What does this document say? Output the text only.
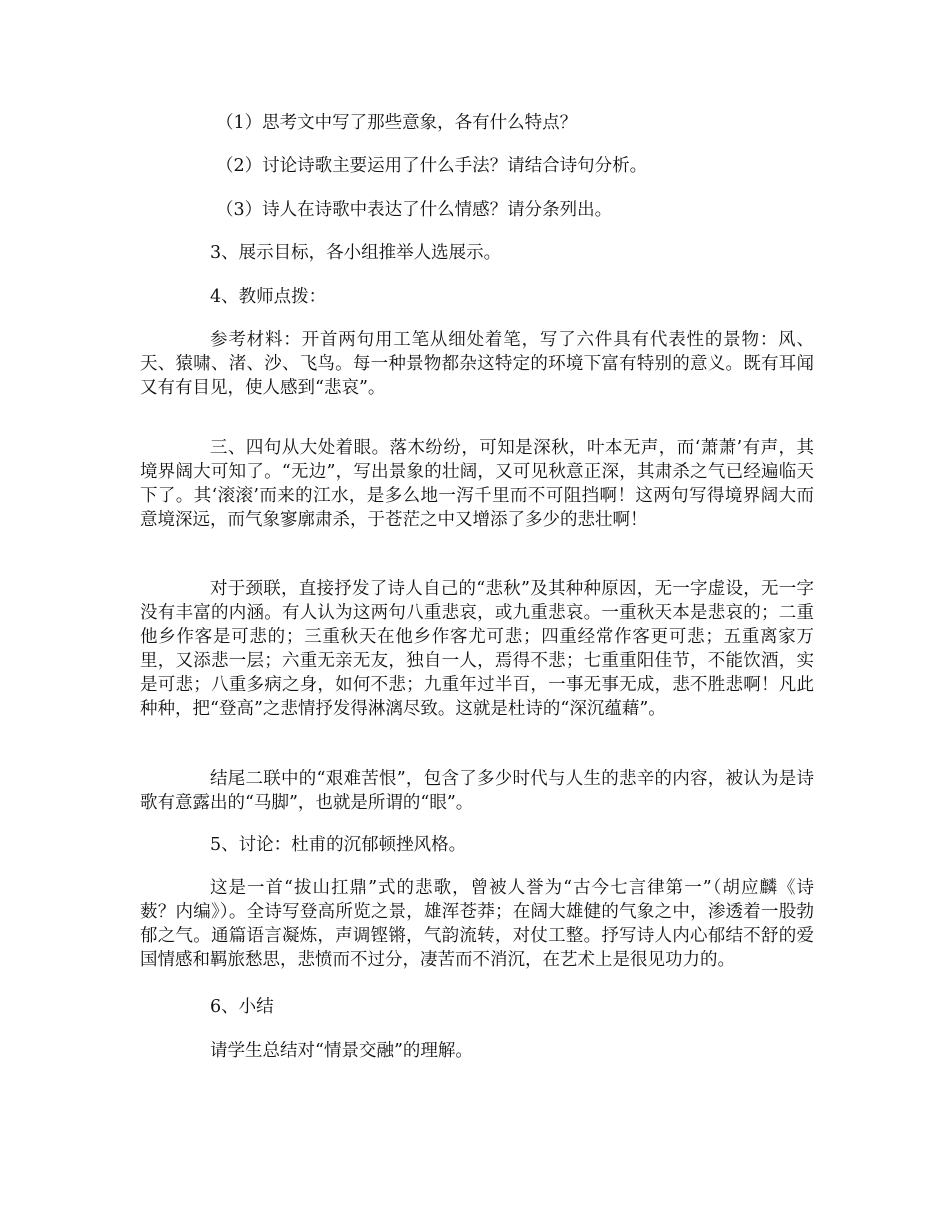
（1）思考文中写了那些意象，各有什么特点？

（2）讨论诗歌主要运用了什么手法？请结合诗句分析。

（3）诗人在诗歌中表达了什么情感？请分条列出。

3、展示目标，各小组推举人选展示。

4、教师点拨：

参考材料：开首两句用工笔从细处着笔，写了六件具有代表性的景物：风、天、猿啸、渚、沙、飞鸟。每一种景物都杂这特定的环境下富有特别的意义。既有耳闻又有有目见，使人感到“悲哀”。

三、四句从大处着眼。落木纷纷，可知是深秋，叶本无声，而‘萧萧’有声，其境界阔大可知了。“无边”，写出景象的壮阔，又可见秋意正深，其肃杀之气已经遍临天下了。其‘滚滚’而来的江水，是多么地一泻千里而不可阻挡啊！这两句写得境界阔大而意境深远，而气象寥廓肃杀，于苍茫之中又增添了多少的悲壮啊！

对于颈联，直接抒发了诗人自己的“悲秋”及其种种原因，无一字虚设，无一字没有丰富的内涵。有人认为这两句八重悲哀，或九重悲哀。一重秋天本是悲哀的；二重他乡作客是可悲的；三重秋天在他乡作客尤可悲；四重经常作客更可悲；五重离家万里，又添悲一层；六重无亲无友，独自一人，焉得不悲；七重重阳佳节，不能饮酒，实是可悲；八重多病之身，如何不悲；九重年过半百，一事无事无成，悲不胜悲啊！凡此种种，把“登高”之悲情抒发得淋漓尽致。这就是杜诗的“深沉蕴藉”。

结尾二联中的“艰难苦恨”，包含了多少时代与人生的悲辛的内容，被认为是诗歌有意露出的“马脚”，也就是所谓的“眼”。

5、讨论：杜甫的沉郁顿挫风格。

这是一首“拔山扛鼎”式的悲歌，曾被人誉为“古今七言律第一”（胡应麟《诗薮？内编》）。全诗写登高所览之景，雄浑苍莽；在阔大雄健的气象之中，渗透着一股勃郁之气。通篇语言凝炼，声调铿锵，气韵流转，对仗工整。抒写诗人内心郁结不舒的爱国情感和羁旅愁思，悲愤而不过分，凄苦而不消沉，在艺术上是很见功力的。

6、小结

请学生总结对“情景交融”的理解。
